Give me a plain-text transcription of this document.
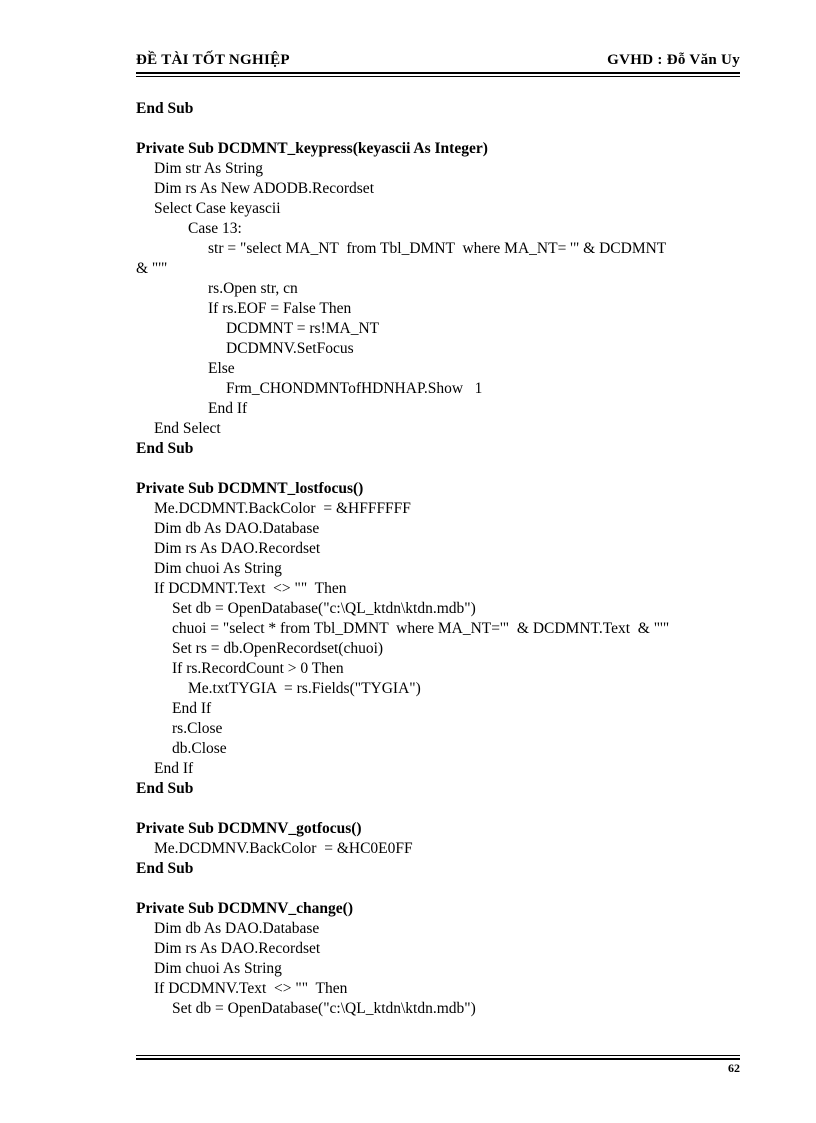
ĐỀ TÀI TỐT NGHIỆP	GVHD : Đỗ Văn Uy
End Sub
Private Sub DCDMNT_keypress(keyascii As Integer)
Dim str As String
Dim rs As New ADODB.Recordset
Select Case keyascii
Case 13:
str = "select MA_NT  from Tbl_DMNT  where MA_NT= '" & DCDMNT
& "'"
rs.Open str, cn
If rs.EOF = False Then
DCDMNT = rs!MA_NT
DCDMNV.SetFocus
Else
Frm_CHONDMNTofHDNHAP.Show   1
End If
End Select
End Sub
Private Sub DCDMNT_lostfocus()
Me.DCDMNT.BackColor  = &HFFFFFF
Dim db As DAO.Database
Dim rs As DAO.Recordset
Dim chuoi As String
If DCDMNT.Text  <> ""  Then
Set db = OpenDatabase("c:\QL_ktdn\ktdn.mdb")
chuoi = "select * from Tbl_DMNT  where MA_NT='"  & DCDMNT.Text  & "'"
Set rs = db.OpenRecordset(chuoi)
If rs.RecordCount > 0 Then
Me.txtTYGIA  = rs.Fields("TYGIA")
End If
rs.Close
db.Close
End If
End Sub
Private Sub DCDMNV_gotfocus()
Me.DCDMNV.BackColor  = &HC0E0FF
End Sub
Private Sub DCDMNV_change()
Dim db As DAO.Database
Dim rs As DAO.Recordset
Dim chuoi As String
If DCDMNV.Text  <> ""  Then
Set db = OpenDatabase("c:\QL_ktdn\ktdn.mdb")
62
